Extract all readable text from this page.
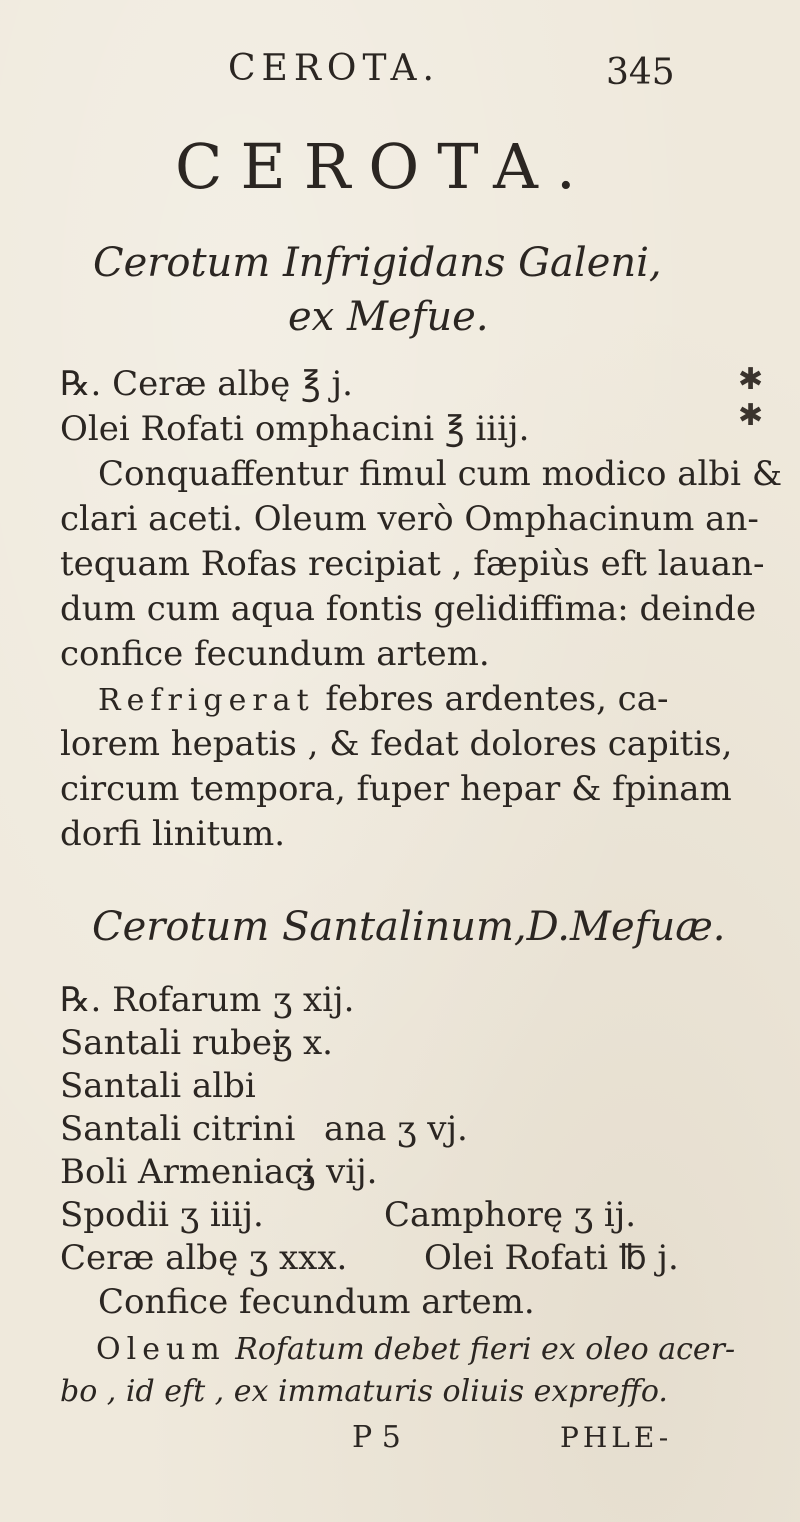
CEROTA.	345
CEROTA.
Cerotum Infrigidans Galeni,
ex Mefue.
℞. Ceræ albę ℥ j.
Olei Rofati omphacini ℥ iiij.
✱
✱
Conquaffentur fimul cum modico albi &
clari aceti. Oleum verò Omphacinum an-
tequam Rofas recipiat , fæpiùs eft lauan-
dum cum aqua fontis gelidiffima: deinde
confice fecundum artem.
Refrigerat febres ardentes, ca-
lorem hepatis , & fedat dolores capitis,
circum tempora, fuper hepar & fpinam
dorfi linitum.
Cerotum Santalinum,D.Mefuæ.
℞. Rofarum ʒ xij.
Santali rubei
ʒ x.
Santali albi
Santali citrini ana ʒ vj.
Boli Armeniaci
ʒ vij.
Spodii ʒ iiij.	Camphorę ʒ ij.
Ceræ albę ʒ xxx. Olei Rofati ℔ j.
Confice fecundum artem.
Oleum Rofatum debet fieri ex oleo acer-
bo , id eft , ex immaturis oliuis expreffo.
P 5	PHLE-
